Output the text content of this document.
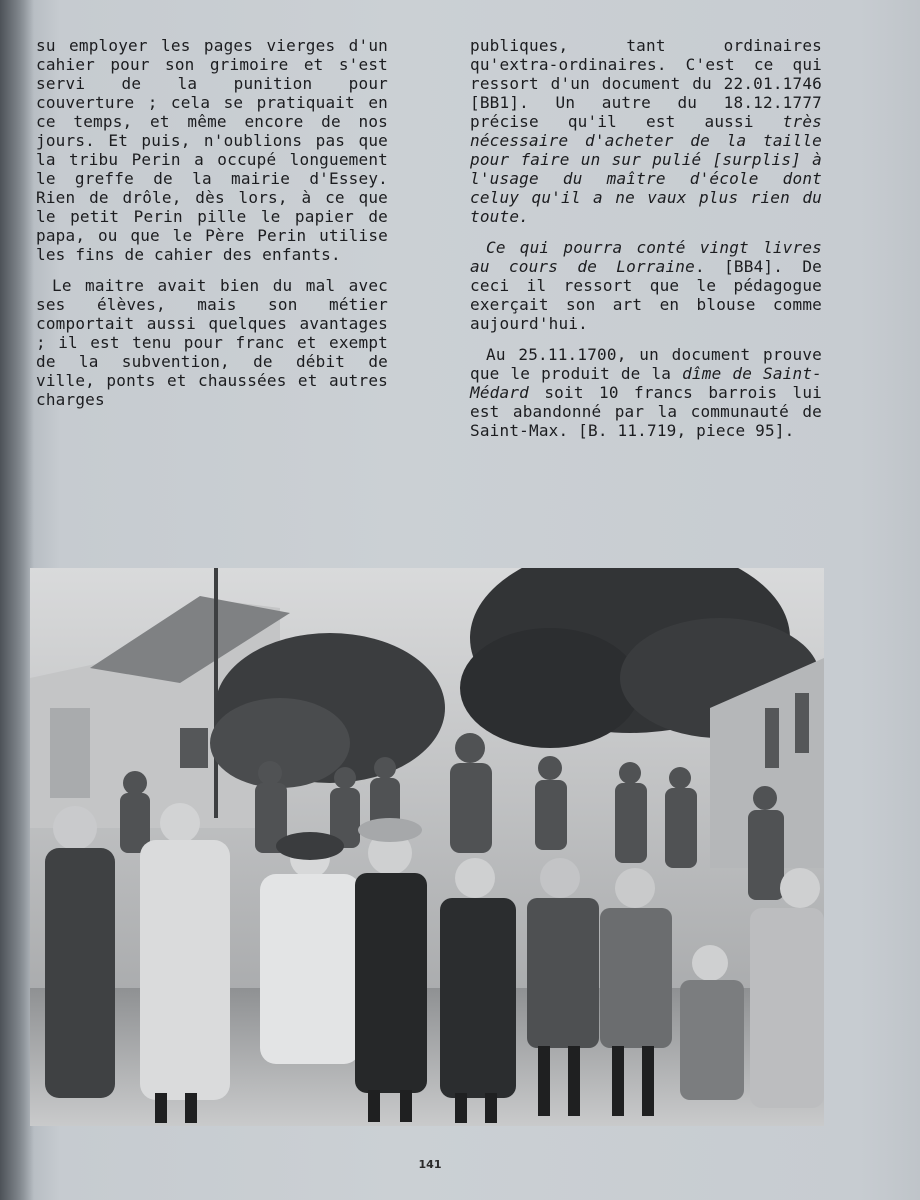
su employer les pages vierges d'un cahier pour son grimoire et s'est servi de la punition pour couverture ; cela se pratiquait en ce temps, et même encore de nos jours. Et puis, n'oublions pas que la tribu Perin a occupé longuement le greffe de la mairie d'Essey. Rien de drôle, dès lors, à ce que le petit Perin pille le papier de papa, ou que le Père Perin utilise les fins de cahier des enfants.

Le maitre avait bien du mal avec ses élèves, mais son métier comportait aussi quelques avantages ; il est tenu pour franc et exempt de la subvention, de débit de ville, ponts et chaussées et autres charges

publiques, tant ordinaires qu'extra-ordinaires. C'est ce qui ressort d'un document du 22.01.1746 [BB1]. Un autre du 18.12.1777 précise qu'il est aussi très nécessaire d'acheter de la taille pour faire un sur pulié [surplis] à l'usage du maître d'école dont celuy qu'il a ne vaux plus rien du toute.

Ce qui pourra conté vingt livres au cours de Lorraine. [BB4]. De ceci il ressort que le pédagogue exerçait son art en blouse comme aujourd'hui.

Au 25.11.1700, un document prouve que le produit de la dîme de Saint-Médard soit 10 francs barrois lui est abandonné par la communauté de Saint-Max. [B. 11.719, piece 95].

141
